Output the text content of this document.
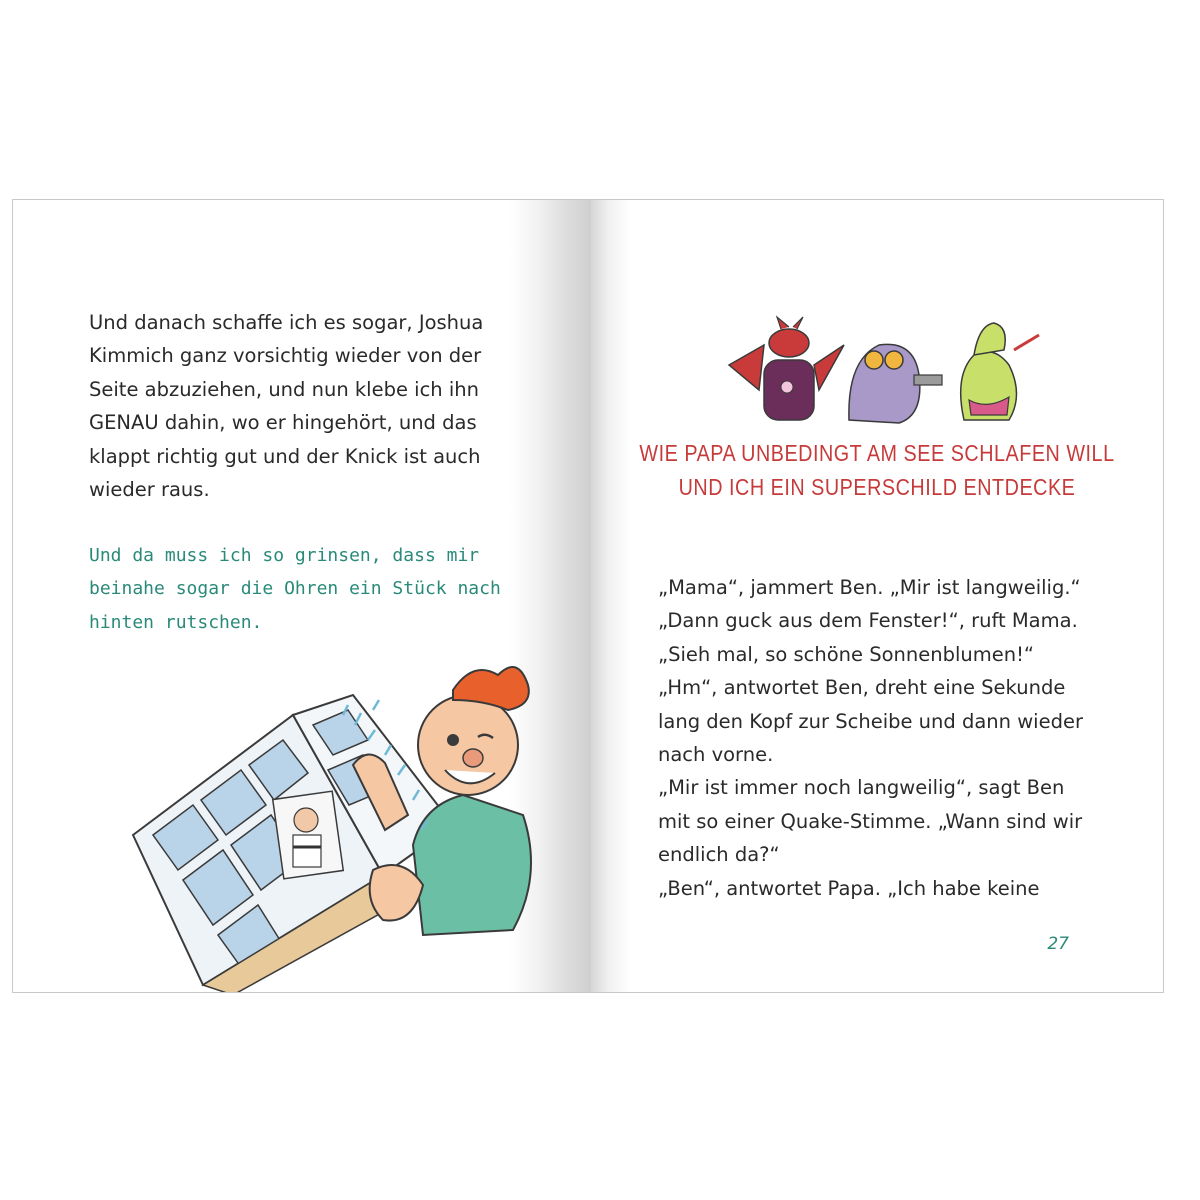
Und danach schaffe ich es sogar, Joshua
Kimmich ganz vorsichtig wieder von der
Seite abzuziehen, und nun klebe ich ihn
GENAU dahin, wo er hingehört, und das
klappt richtig gut und der Knick ist auch
wieder raus.
Und da muss ich so grinsen, dass mir
beinahe sogar die Ohren ein Stück nach
hinten rutschen.
WIE PAPA UNBEDINGT AM SEE SCHLAFEN WILL
UND ICH EIN SUPERSCHILD ENTDECKE
„Mama“, jammert Ben. „Mir ist langweilig.“
„Dann guck aus dem Fenster!“, ruft Mama.
„Sieh mal, so schöne Sonnenblumen!“
„Hm“, antwortet Ben, dreht eine Sekunde
lang den Kopf zur Scheibe und dann wieder
nach vorne.
„Mir ist immer noch langweilig“, sagt Ben
mit so einer Quake-Stimme. „Wann sind wir
endlich da?“
„Ben“, antwortet Papa. „Ich habe keine
27
